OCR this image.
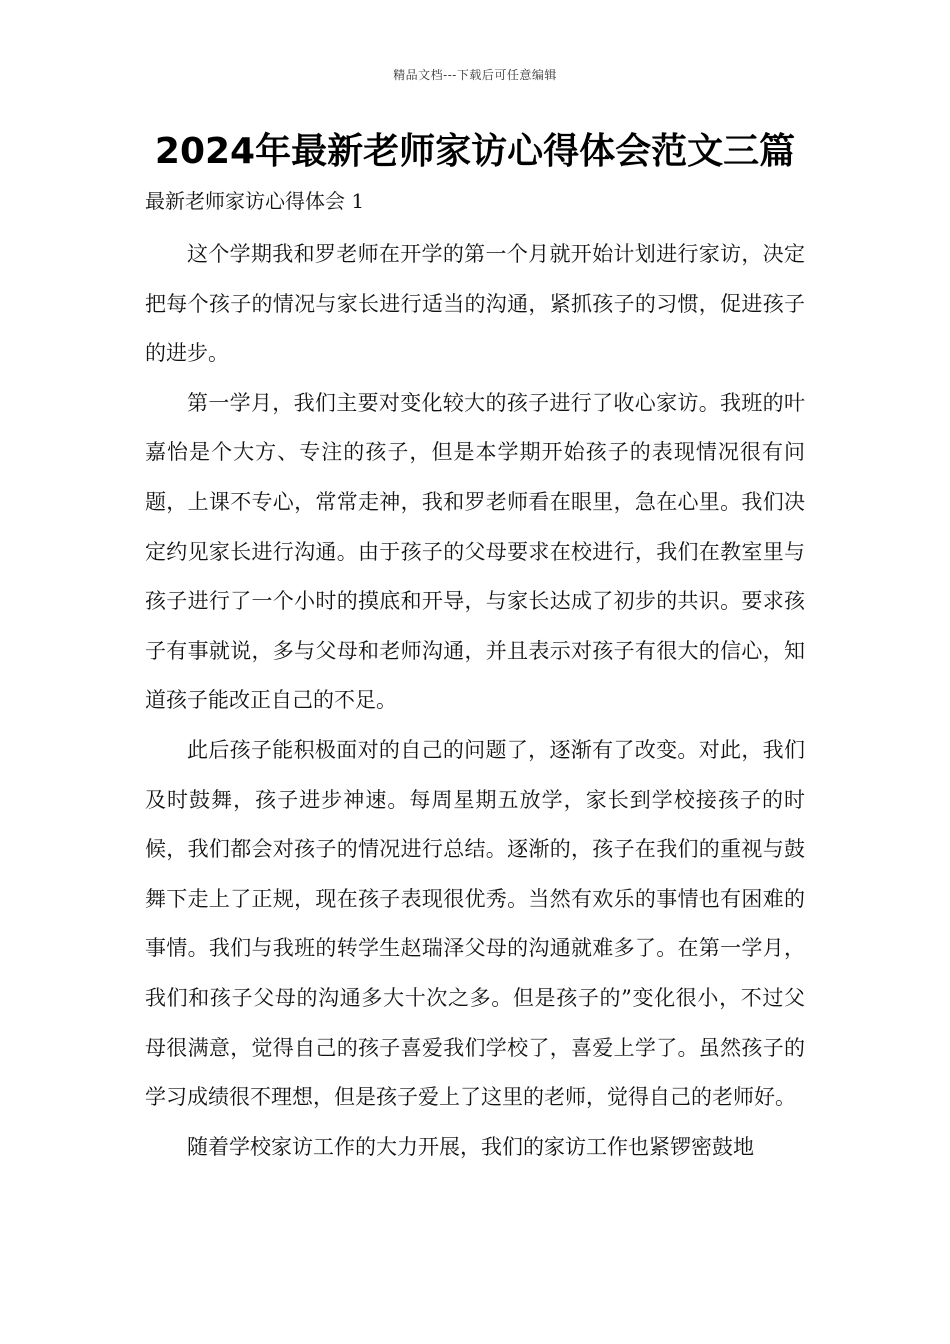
精品文档---下载后可任意编辑
2024年最新老师家访心得体会范文三篇
最新老师家访心得体会 1

这个学期我和罗老师在开学的第一个月就开始计划进行家访，决定把每个孩子的情况与家长进行适当的沟通，紧抓孩子的习惯，促进孩子的进步。

第一学月，我们主要对变化较大的孩子进行了收心家访。我班的叶嘉怡是个大方、专注的孩子，但是本学期开始孩子的表现情况很有问题，上课不专心，常常走神，我和罗老师看在眼里，急在心里。我们决定约见家长进行沟通。由于孩子的父母要求在校进行，我们在教室里与孩子进行了一个小时的摸底和开导，与家长达成了初步的共识。要求孩子有事就说，多与父母和老师沟通，并且表示对孩子有很大的信心，知道孩子能改正自己的不足。

此后孩子能积极面对的自己的问题了，逐渐有了改变。对此，我们及时鼓舞，孩子进步神速。每周星期五放学，家长到学校接孩子的时候，我们都会对孩子的情况进行总结。逐渐的，孩子在我们的重视与鼓舞下走上了正规，现在孩子表现很优秀。当然有欢乐的事情也有困难的事情。我们与我班的转学生赵瑞泽父母的沟通就难多了。在第一学月，我们和孩子父母的沟通多大十次之多。但是孩子的”变化很小，不过父母很满意，觉得自己的孩子喜爱我们学校了，喜爱上学了。虽然孩子的学习成绩很不理想，但是孩子爱上了这里的老师，觉得自己的老师好。

随着学校家访工作的大力开展，我们的家访工作也紧锣密鼓地
